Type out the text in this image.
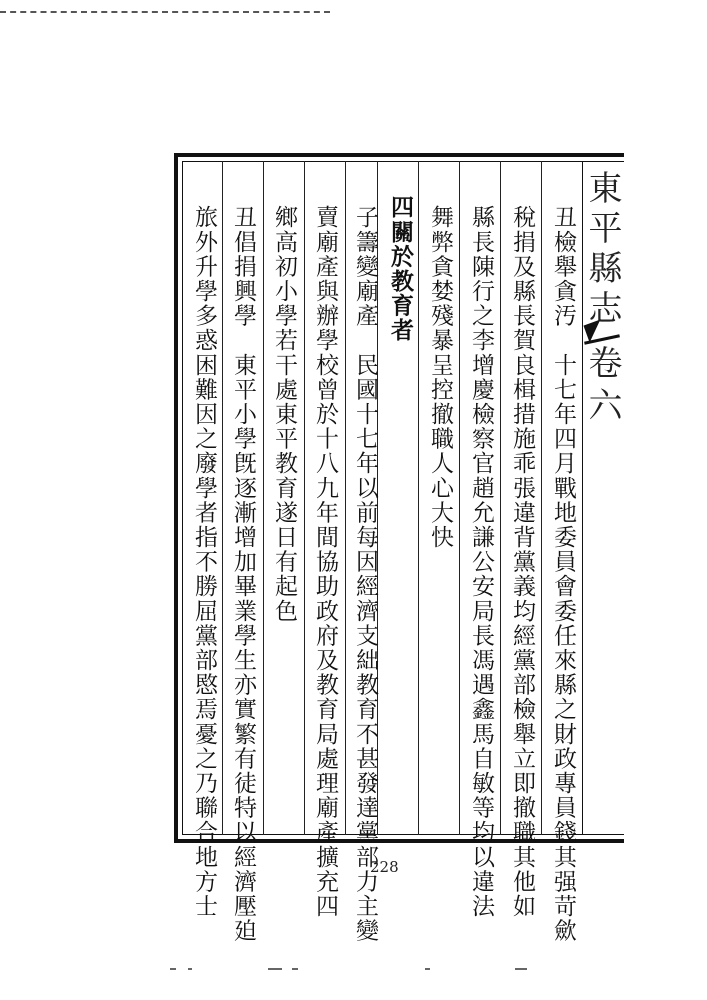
東平縣志
卷六
丑檢舉貪汚　十七年四月戰地委員會委任來縣之財政專員錢其强苛歛
稅捐及縣長賀良楫措施乖張違背黨義均經黨部檢舉立即撤職其他如
縣長陳行之李增慶檢察官趙允謙公安局長馮遇鑫馬自敏等均以違法
舞弊貪婪殘暴呈控撤職人心大快
四關於教育者
子籌變廟產　民國十七年以前每因經濟支絀教育不甚發達黨部力主變
賣廟產與辦學校曾於十八九年間協助政府及教育局處理廟產擴充四
鄉高初小學若干處東平教育遂日有起色
丑倡捐興學　東平小學旣逐漸增加畢業學生亦實繁有徒特以經濟壓廹
旅外升學多惑困難因之廢學者指不勝屈黨部愍焉憂之乃聯合地方士	228
